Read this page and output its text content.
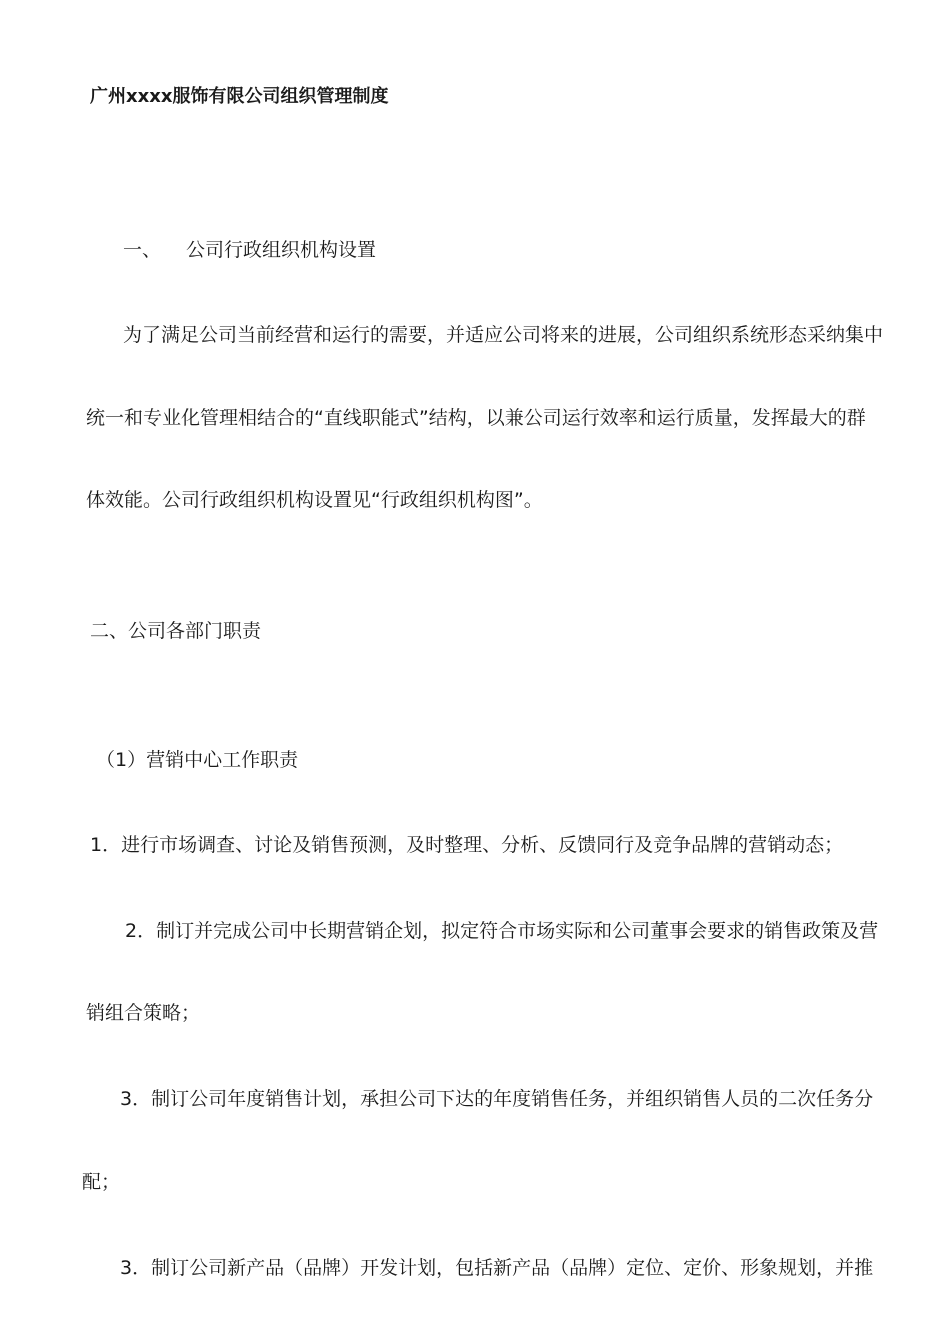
广州xxxx服饰有限公司组织管理制度
一、 公司行政组织机构设置
为了满足公司当前经营和运行的需要，并适应公司将来的进展，公司组织系统形态采纳集中
统一和专业化管理相结合的“直线职能式”结构，以兼公司运行效率和运行质量，发挥最大的群
体效能。公司行政组织机构设置见“行政组织机构图”。
二、公司各部门职责
（1）营销中心工作职责
1．进行市场调查、讨论及销售预测，及时整理、分析、反馈同行及竞争品牌的营销动态；
2．制订并完成公司中长期营销企划，拟定符合市场实际和公司董事会要求的销售政策及营
销组合策略；
3．制订公司年度销售计划，承担公司下达的年度销售任务，并组织销售人员的二次任务分
配；
3．制订公司新产品（品牌）开发计划，包括新产品（品牌）定位、定价、形象规划，并推
